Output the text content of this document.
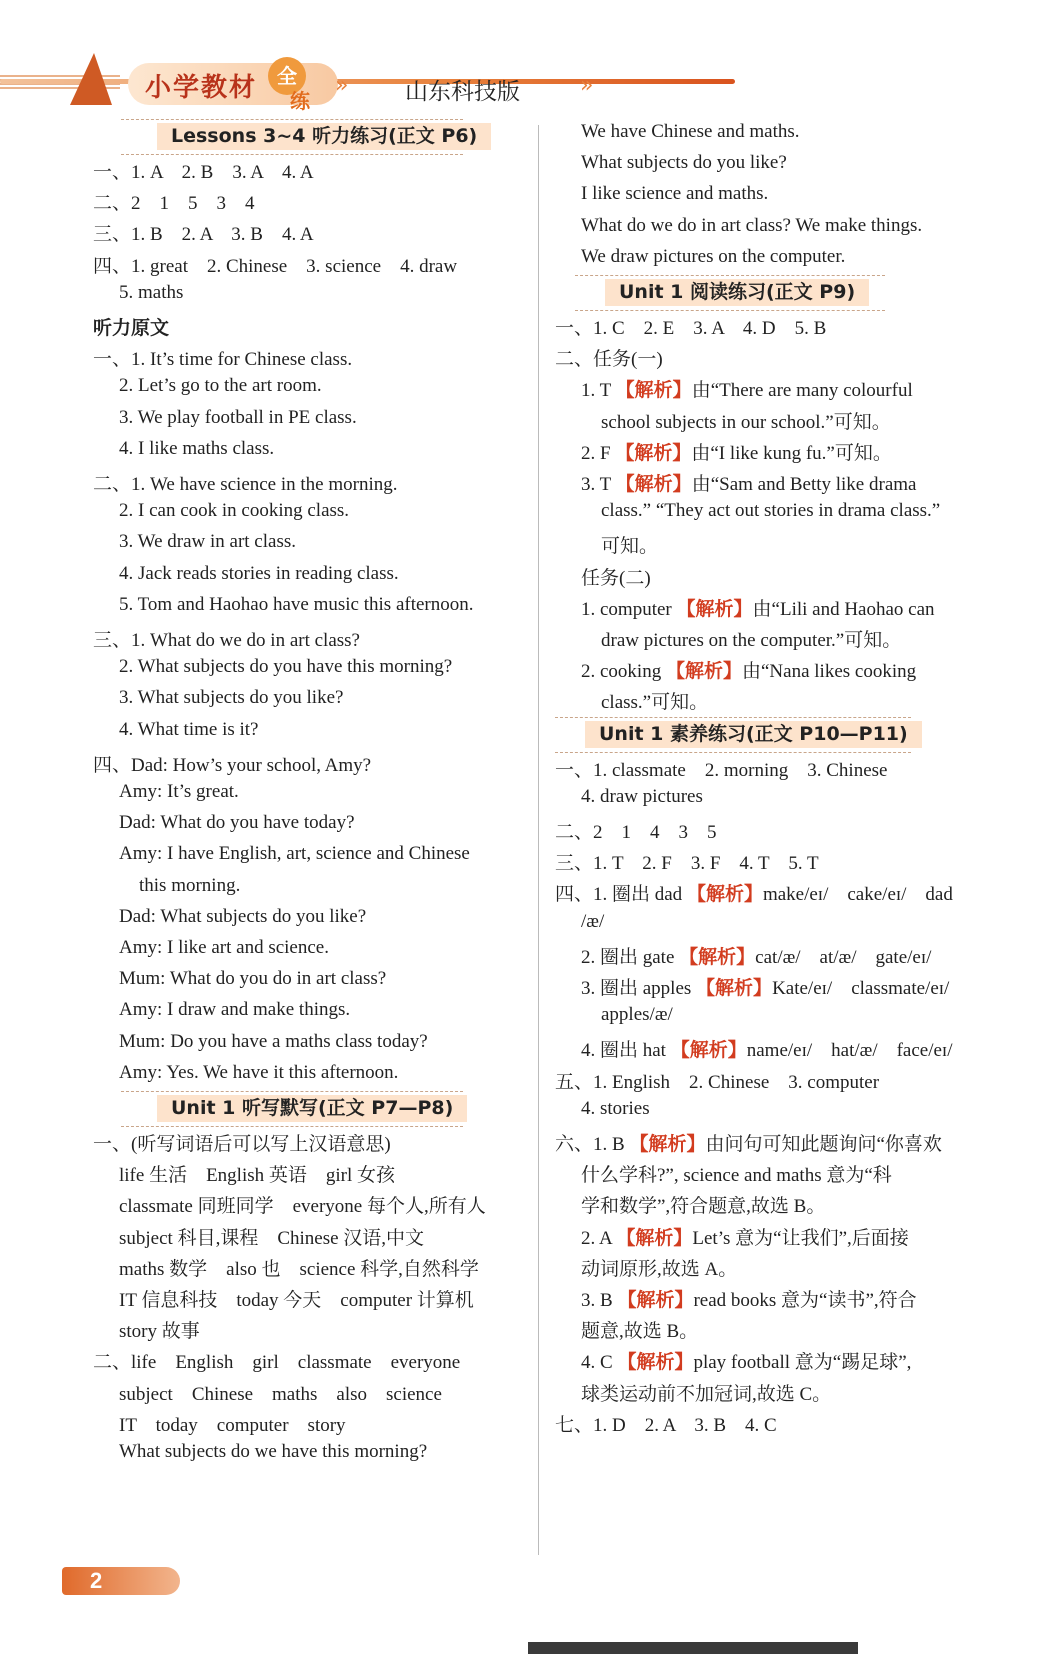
小学教材 全
练
» 山东科技版	»
Lessons 3~4 听力练习(正文 P6)
一、1. A　2. B　3. A　4. A
二、2　1　5　3　4
三、1. B　2. A　3. B　4. A
四、1. great　2. Chinese　3. science　4. draw
5. maths
听力原文
一、1. It’s time for Chinese class.
2. Let’s go to the art room.
3. We play football in PE class.
4. I like maths class.
二、1. We have science in the morning.
2. I can cook in cooking class.
3. We draw in art class.
4. Jack reads stories in reading class.
5. Tom and Haohao have music this afternoon.
三、1. What do we do in art class?
2. What subjects do you have this morning?
3. What subjects do you like?
4. What time is it?
四、Dad: How’s your school, Amy?
Amy: It’s great.
Dad: What do you have today?
Amy: I have English, art, science and Chinese
this morning.
Dad: What subjects do you like?
Amy: I like art and science.
Mum: What do you do in art class?
Amy: I draw and make things.
Mum: Do you have a maths class today?
Amy: Yes. We have it this afternoon.
Unit 1 听写默写(正文 P7—P8)
一、(听写词语后可以写上汉语意思)
life 生活　English 英语　girl 女孩
classmate 同班同学　everyone 每个人,所有人
subject 科目,课程　Chinese 汉语,中文
maths 数学　also 也　science 科学,自然科学
IT 信息科技　today 今天　computer 计算机
story 故事
二、life　English　girl　classmate　everyone
subject　Chinese　maths　also　science
IT　today　computer　story
What subjects do we have this morning?
We have Chinese and maths.
What subjects do you like?
I like science and maths.
What do we do in art class? We make things.
We draw pictures on the computer.
Unit 1 阅读练习(正文 P9)
一、1. C　2. E　3. A　4. D　5. B
二、任务(一)
1. T 【解析】由“There are many colourful
school subjects in our school.”可知。
2. F 【解析】由“I like kung fu.”可知。
3. T 【解析】由“Sam and Betty like drama
class.” “They act out stories in drama class.”
可知。
任务(二)
1. computer 【解析】由“Lili and Haohao can
draw pictures on the computer.”可知。
2. cooking 【解析】由“Nana likes cooking
class.”可知。
Unit 1 素养练习(正文 P10—P11)
一、1. classmate　2. morning　3. Chinese
4. draw pictures
二、2　1　4　3　5
三、1. T　2. F　3. F　4. T　5. T
四、1. 圈出 dad 【解析】make/eɪ/　cake/eɪ/　dad
/æ/
2. 圈出 gate 【解析】cat/æ/　at/æ/　gate/eɪ/
3. 圈出 apples 【解析】Kate/eɪ/　classmate/eɪ/
apples/æ/
4. 圈出 hat 【解析】name/eɪ/　hat/æ/　face/eɪ/
五、1. English　2. Chinese　3. computer
4. stories
六、1. B 【解析】由问句可知此题询问“你喜欢
什么学科?”, science and maths 意为“科
学和数学”,符合题意,故选 B。
2. A 【解析】Let’s 意为“让我们”,后面接
动词原形,故选 A。
3. B 【解析】read books 意为“读书”,符合
题意,故选 B。
4. C 【解析】play football 意为“踢足球”,
球类运动前不加冠词,故选 C。
七、1. D　2. A　3. B　4. C
2
